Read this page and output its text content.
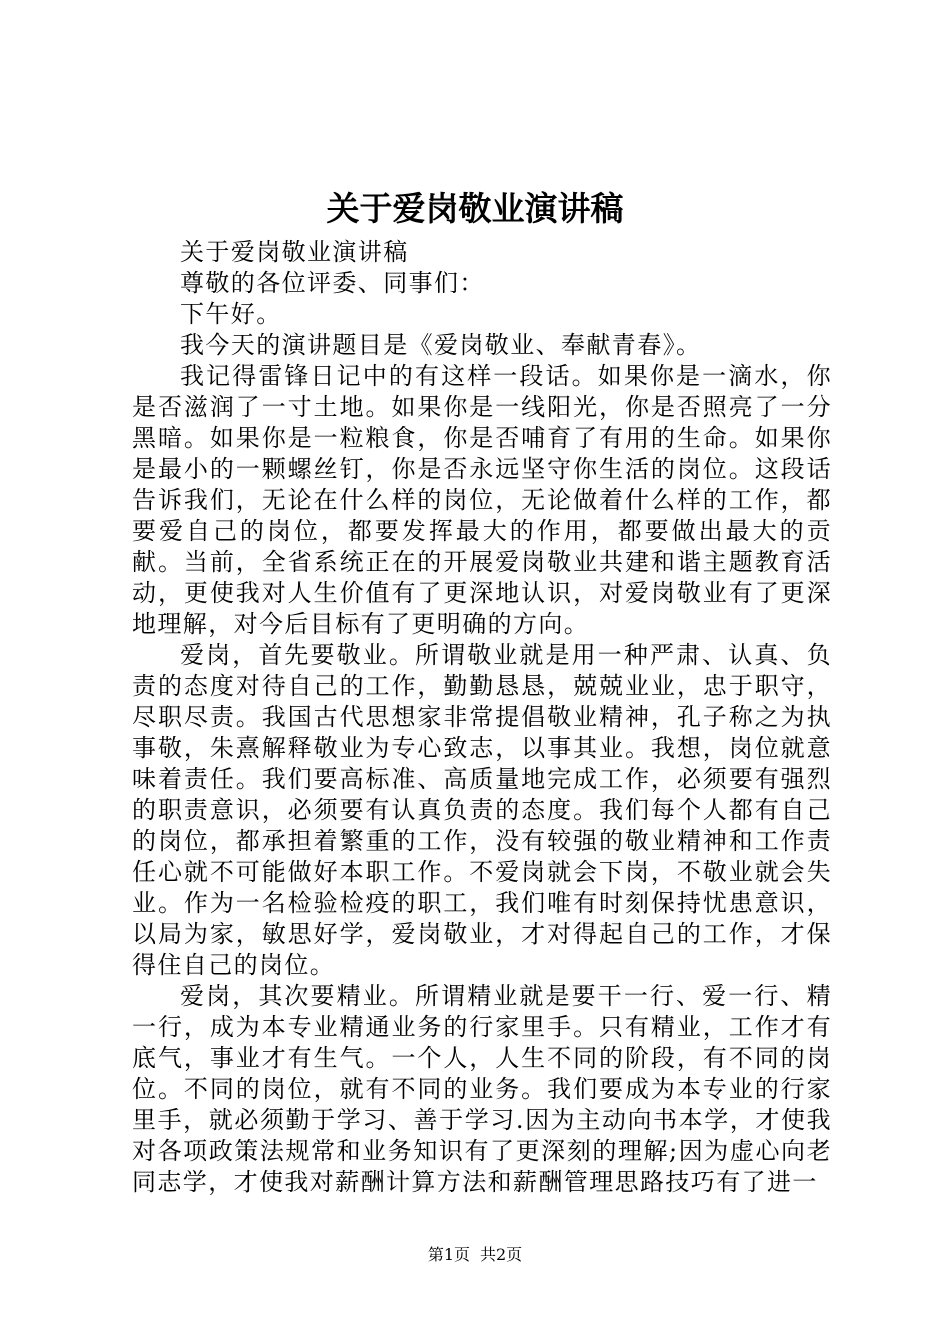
关于爱岗敬业演讲稿

关于爱岗敬业演讲稿

尊敬的各位评委、同事们：

下午好。

我今天的演讲题目是《爱岗敬业、奉献青春》。

我记得雷锋日记中的有这样一段话。如果你是一滴水，你是否滋润了一寸土地。如果你是一线阳光，你是否照亮了一分黑暗。如果你是一粒粮食，你是否哺育了有用的生命。如果你是最小的一颗螺丝钉，你是否永远坚守你生活的岗位。这段话告诉我们，无论在什么样的岗位，无论做着什么样的工作，都要爱自己的岗位，都要发挥最大的作用，都要做出最大的贡献。当前，全省系统正在的开展爱岗敬业共建和谐主题教育活动，更使我对人生价值有了更深地认识，对爱岗敬业有了更深地理解，对今后目标有了更明确的方向。

爱岗，首先要敬业。所谓敬业就是用一种严肃、认真、负责的态度对待自己的工作，勤勤恳恳，兢兢业业，忠于职守，尽职尽责。我国古代思想家非常提倡敬业精神，孔子称之为执事敬，朱熹解释敬业为专心致志，以事其业。我想，岗位就意味着责任。我们要高标准、高质量地完成工作，必须要有强烈的职责意识，必须要有认真负责的态度。我们每个人都有自己的岗位，都承担着繁重的工作，没有较强的敬业精神和工作责任心就不可能做好本职工作。不爱岗就会下岗，不敬业就会失业。作为一名检验检疫的职工，我们唯有时刻保持忧患意识，以局为家，敏思好学，爱岗敬业，才对得起自己的工作，才保得住自己的岗位。

爱岗，其次要精业。所谓精业就是要干一行、爱一行、精一行，成为本专业精通业务的行家里手。只有精业，工作才有底气，事业才有生气。一个人，人生不同的阶段，有不同的岗位。不同的岗位，就有不同的业务。我们要成为本专业的行家里手，就必须勤于学习、善于学习.因为主动向书本学，才使我对各项政策法规常和业务知识有了更深刻的理解;因为虚心向老同志学，才使我对薪酬计算方法和薪酬管理思路技巧有了进一

第1页 共2页
